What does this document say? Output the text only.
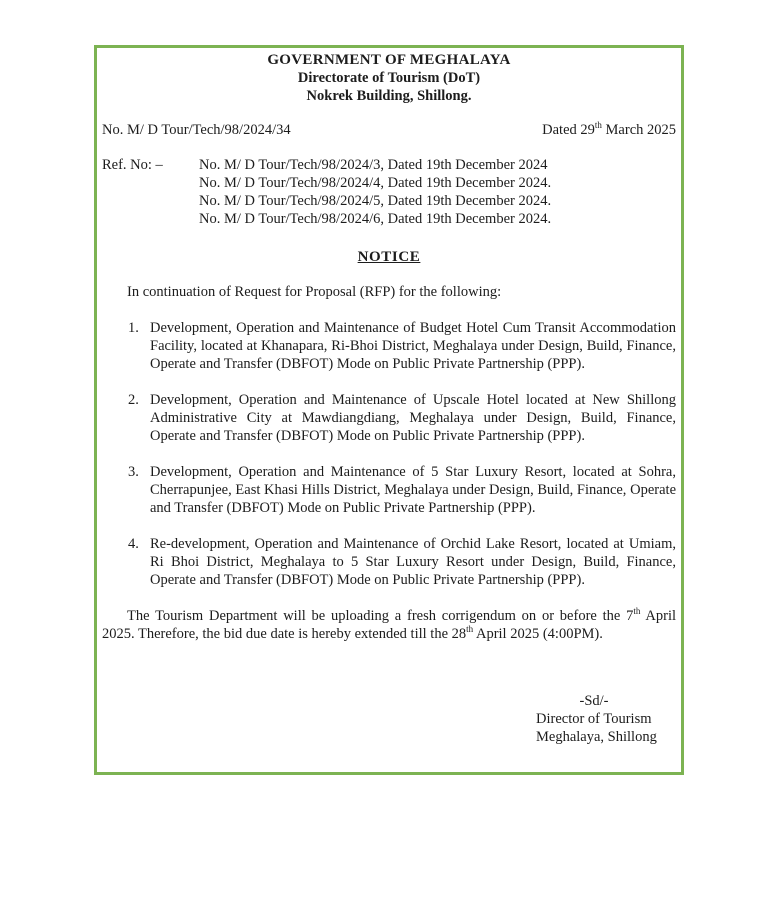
GOVERNMENT OF MEGHALAYA
Directorate of Tourism (DoT)
Nokrek Building, Shillong.
No. M/ D Tour/Tech/98/2024/34	Dated 29th March 2025
Ref. No: –	No. M/ D Tour/Tech/98/2024/3, Dated 19th December 2024
No. M/ D Tour/Tech/98/2024/4, Dated 19th December 2024.
No. M/ D Tour/Tech/98/2024/5, Dated 19th December 2024.
No. M/ D Tour/Tech/98/2024/6, Dated 19th December 2024.
NOTICE

In continuation of Request for Proposal (RFP) for the following:

1. Development, Operation and Maintenance of Budget Hotel Cum Transit Accommodation Facility, located at Khanapara, Ri-Bhoi District, Meghalaya under Design, Build, Finance, Operate and Transfer (DBFOT) Mode on Public Private Partnership (PPP).
2. Development, Operation and Maintenance of Upscale Hotel located at New Shillong Administrative City at Mawdiangdiang, Meghalaya under Design, Build, Finance, Operate and Transfer (DBFOT) Mode on Public Private Partnership (PPP).
3. Development, Operation and Maintenance of 5 Star Luxury Resort, located at Sohra, Cherrapunjee, East Khasi Hills District, Meghalaya under Design, Build, Finance, Operate and Transfer (DBFOT) Mode on Public Private Partnership (PPP).
4. Re-development, Operation and Maintenance of Orchid Lake Resort, located at Umiam, Ri Bhoi District, Meghalaya to 5 Star Luxury Resort under Design, Build, Finance, Operate and Transfer (DBFOT) Mode on Public Private Partnership (PPP).

The Tourism Department will be uploading a fresh corrigendum on or before the 7th April 2025. Therefore, the bid due date is hereby extended till the 28th April 2025 (4:00PM).

-Sd/-
Director of Tourism
Meghalaya, Shillong
